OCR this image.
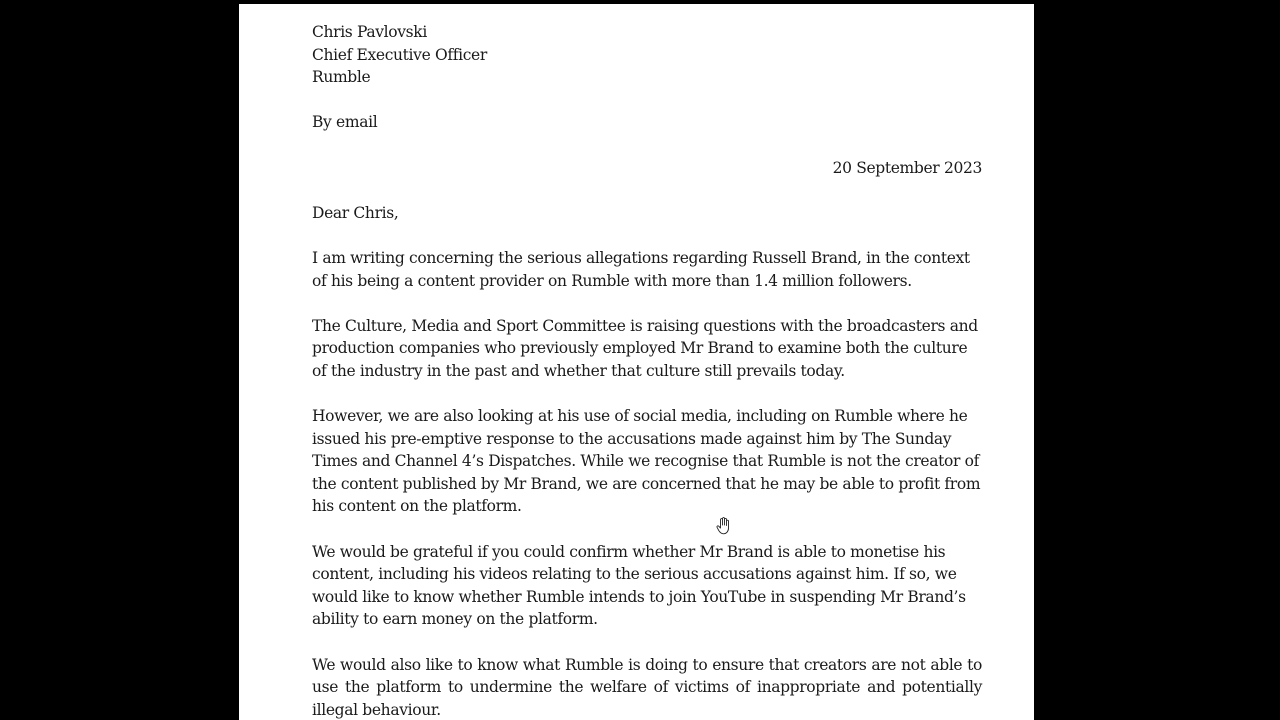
Chris Pavlovski
Chief Executive Officer
Rumble
By email
20 September 2023
Dear Chris,

I am writing concerning the serious allegations regarding Russell Brand, in the context of his being a content provider on Rumble with more than 1.4 million followers.

The Culture, Media and Sport Committee is raising questions with the broadcasters and production companies who previously employed Mr Brand to examine both the culture of the industry in the past and whether that culture still prevails today.

However, we are also looking at his use of social media, including on Rumble where he issued his pre-emptive response to the accusations made against him by The Sunday Times and Channel 4’s Dispatches. While we recognise that Rumble is not the creator of the content published by Mr Brand, we are concerned that he may be able to profit from his content on the platform.

We would be grateful if you could confirm whether Mr Brand is able to monetise his content, including his videos relating to the serious accusations against him. If so, we would like to know whether Rumble intends to join YouTube in suspending Mr Brand’s ability to earn money on the platform.

We would also like to know what Rumble is doing to ensure that creators are not able to use the platform to undermine the welfare of victims of inappropriate and potentially illegal behaviour.
